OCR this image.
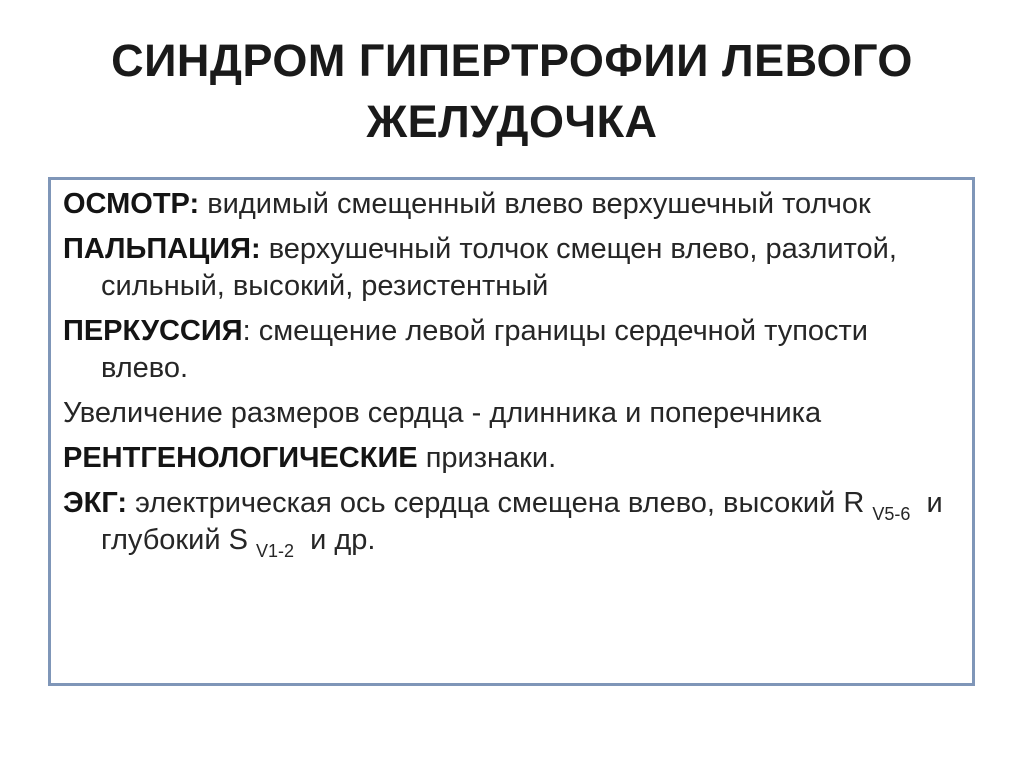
СИНДРОМ ГИПЕРТРОФИИ ЛЕВОГО
ЖЕЛУДОЧКА

ОСМОТР: видимый смещенный влево верхушечный толчок

ПАЛЬПАЦИЯ: верхушечный толчок смещен влево, разлитой, сильный, высокий, резистентный

ПЕРКУССИЯ: смещение левой границы сердечной тупости влево.

Увеличение размеров сердца - длинника и поперечника

РЕНТГЕНОЛОГИЧЕСКИЕ признаки.

ЭКГ: электрическая ось сердца смещена влево, высокий R $_{V5-6}$  и глубокий S $_{V1-2}$  и др.
